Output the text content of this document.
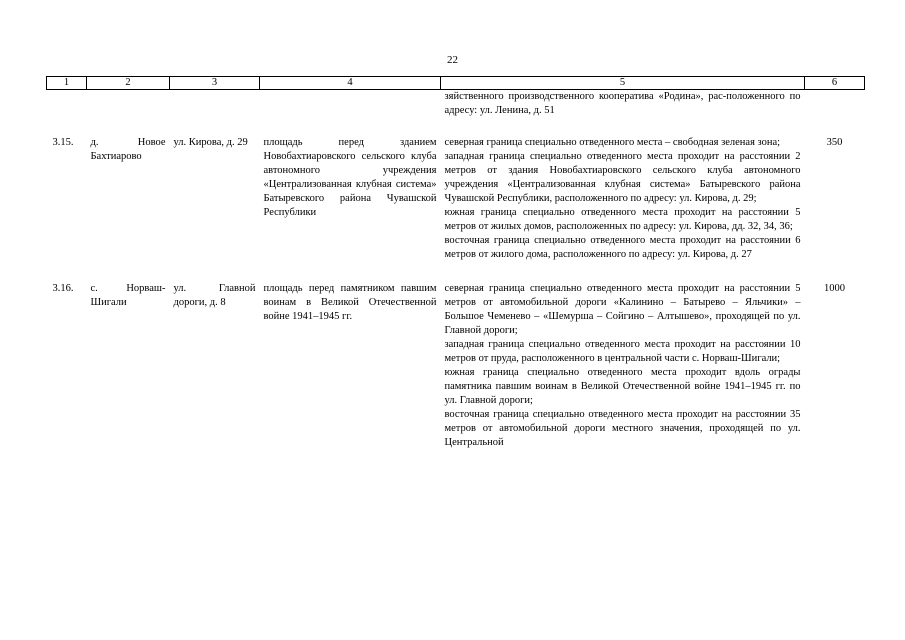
22
1	2	3	4	5	6
				зяйственного производственного кооператива «Родина», рас-положенного по адресу: ул. Ленина, д. 51	
3.15.	д. Новое Бахтиарово	ул. Кирова, д. 29	площадь перед зданием Новобахтиаровского сельского клуба автономного учреждения «Централизованная клубная система» Батыревского района Чувашской Республики	северная граница специально отведенного места – свободная зеленая зона;
западная граница специально отведенного места проходит на расстоянии 2 метров от здания Новобахтиаровского сельского клуба автономного учреждения «Централизованная клубная система» Батыревского района Чувашской Республики, расположенного по адресу: ул. Кирова, д. 29;
южная граница специально отведенного места проходит на расстоянии 5 метров от жилых домов, расположенных по адресу: ул. Кирова, дд. 32, 34, 36;
восточная граница специально отведенного места проходит на расстоянии 6 метров от жилого дома, расположенного по адресу: ул. Кирова, д. 27	350
3.16.	с. Норваш-Шигали	ул. Главной дороги, д. 8	площадь перед памятником павшим воинам в Великой Отечественной войне 1941–1945 гг.	северная граница специально отведенного места проходит на расстоянии 5 метров от автомобильной дороги «Калинино – Батырево – Яльчики» – Большое Чеменево – «Шемурша – Сойгино – Алтышево», проходящей по ул. Главной дороги;
западная граница специально отведенного места проходит на расстоянии 10 метров от пруда, расположенного в центральной части с. Норваш-Шигали;
южная граница специально отведенного места проходит вдоль ограды памятника павшим воинам в Великой Отечественной войне 1941–1945 гг. по ул. Главной дороги;
восточная граница специально отведенного места проходит на расстоянии 35 метров от автомобильной дороги местного значения, проходящей по ул. Центральной	1000
